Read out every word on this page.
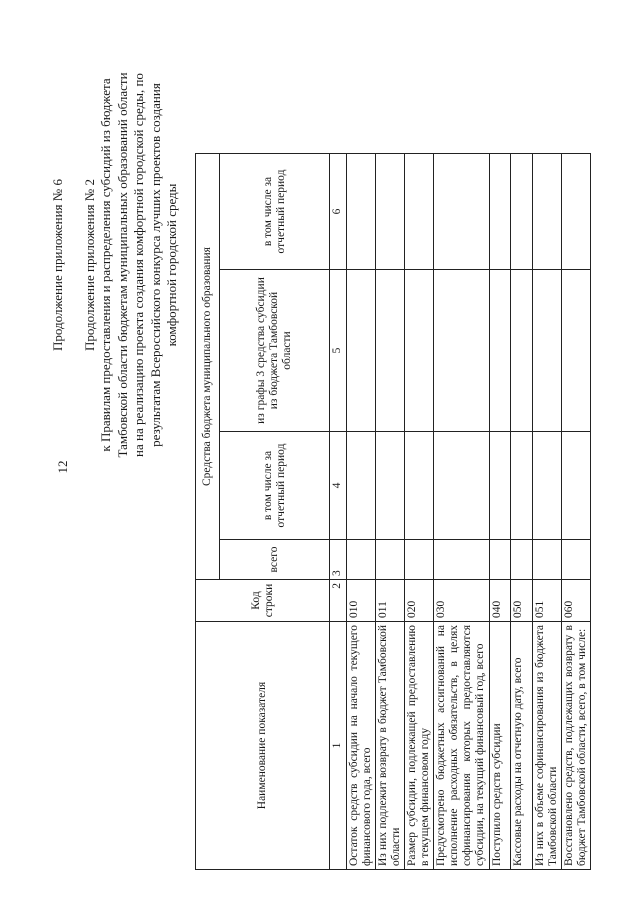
12
Продолжение приложения № 6 Продолжение приложения № 2 к Правилам предоставления и распределения субсидий из бюджета Тамбовской области бюджетам муниципальных образований области на на реализацию проекта создания комфортной городской среды, по результатам Всероссийского конкурса лучших проектов создания комфортной городской среды
Наименование показателя	Код строки	Средства бюджета муниципального образования			
		всего	в том числе за отчетный период	из графы 3 средства субсидии из бюджета Тамбовской области	в том числе за отчетный период
1	2	3	4	5	6
Остаток средств субсидии на начало текущего финансового года, всего	010				
Из них подлежит возврату в бюджет Тамбовской области	011				
Размер субсидии, подлежащей предоставлению в текущем финансовом году	020				
Предусмотрено бюджетных ассигнований на исполнение расходных обязательств, в целях софинансирования которых предоставляются субсидии, на текущий финансовый год, всего	030				
Поступило средств субсидии	040				
Кассовые расходы на отчетную дату, всего	050				
Из них в объеме софинансирования из бюджета Тамбовской области	051				
Восстановлено средств, подлежащих возврату в бюджет Тамбовской области, всего, в том числе:	060				
